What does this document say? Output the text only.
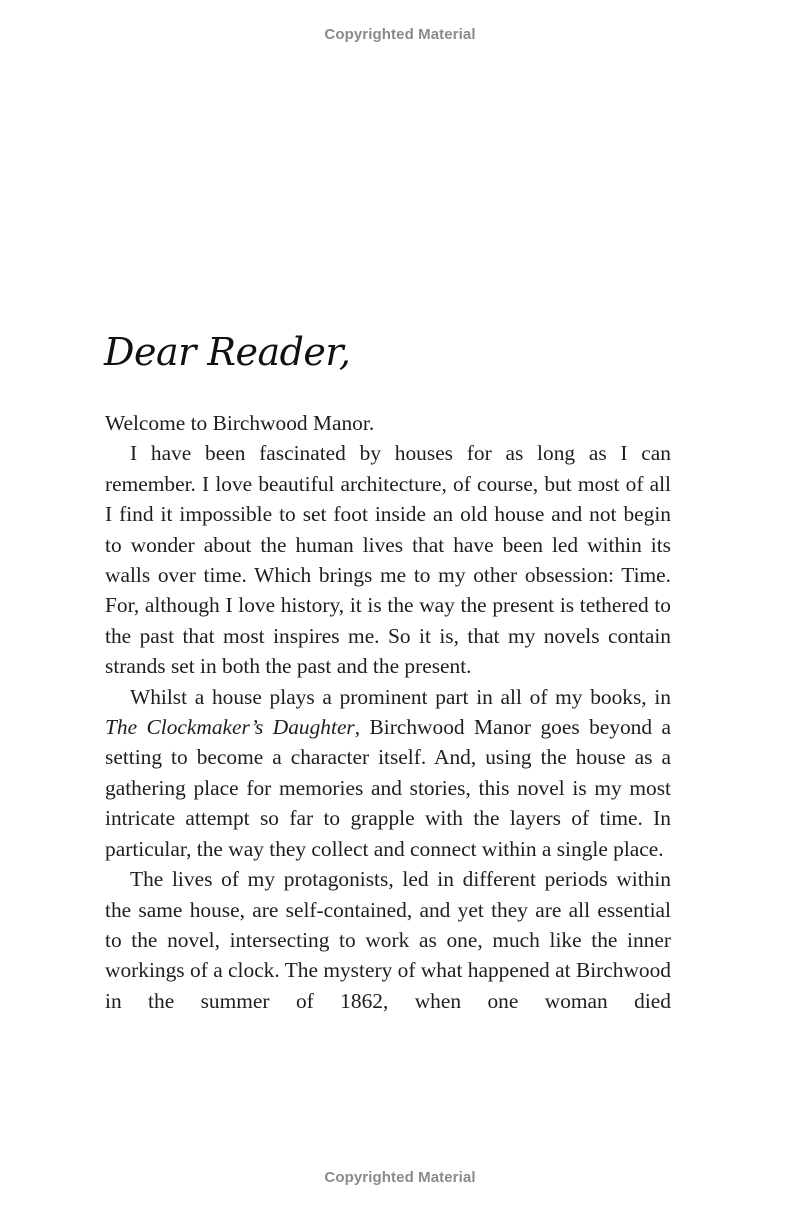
Copyrighted Material
Dear Reader,

Welcome to Birchwood Manor.

I have been fascinated by houses for as long as I can remember. I love beautiful architecture, of course, but most of all I find it impossible to set foot inside an old house and not begin to wonder about the human lives that have been led within its walls over time. Which brings me to my other obsession: Time. For, although I love history, it is the way the present is tethered to the past that most inspires me. So it is, that my novels contain strands set in both the past and the present.

Whilst a house plays a prominent part in all of my books, in The Clockmaker’s Daughter, Birchwood Manor goes beyond a setting to become a character itself. And, using the house as a gathering place for memories and stories, this novel is my most intricate attempt so far to grapple with the layers of time. In particular, the way they collect and connect within a single place.

The lives of my protagonists, led in different periods within the same house, are self-contained, and yet they are all essential to the novel, intersecting to work as one, much like the inner workings of a clock. The mystery of what happened at Birchwood in the summer of 1862, when one woman died

Copyrighted Material
